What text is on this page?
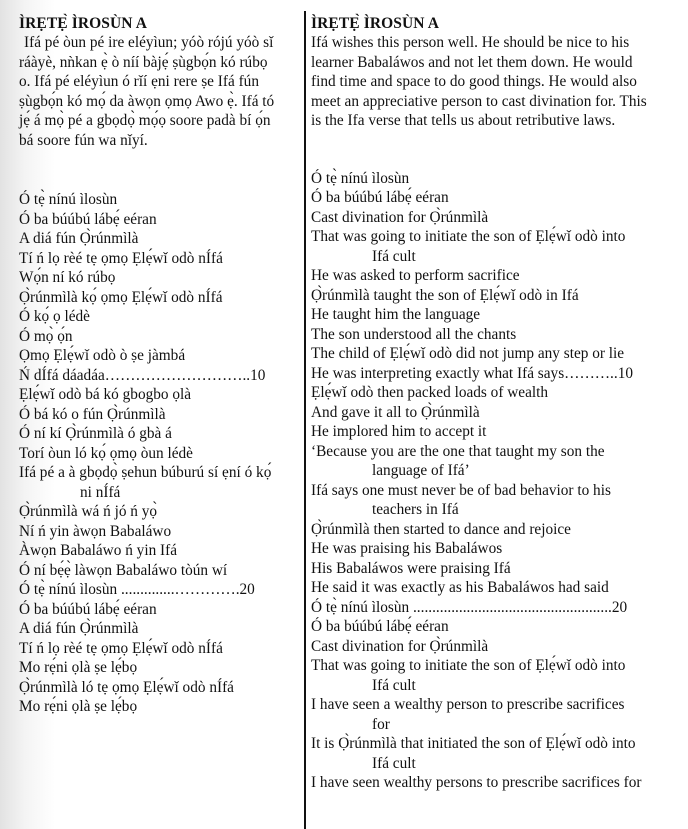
ÌRẸTẸ̀ ÌROSÙN A
Ifá pé òun pé ire eléyìun; yóò rójú yóò sǐ
ráàyè, nǹkan ẹ̀ ò níí bàjẹ́ ṣùgbọ́n kó rúbọ
o. Ifá pé eléyìun ó rǐí ẹni rere ṣe Ifá fún
ṣùgbọ́n kó mọ́ da àwọn ọmọ Awo ẹ̀. Ifá tó
jẹ́ á mọ̀ pé a gbọdọ̀ mọ́ọ soore padà bí ọ́n
bá soore fún wa nǐyí.
Ó tẹ̀ nínú ìlosùn
Ó ba búúbú lábẹ́ eéran
A diá fún Ọ̀rúnmìlà
Tí ń lọ rèé tẹ ọmọ Ẹlẹ́wǐ odò nÍfá
Wọ́n ní kó rúbọ
Ọ̀rúnmìlà kọ́ ọmọ Ẹlẹ́wǐ odò nÍfá
Ó kọ́ ọ lédè
Ó mọ̀ ọ́n
Ọmọ Ẹlẹ́wǐ odò ò ṣe jàmbá
Ń dÍfá dáadáa………………………..10
Ẹlẹ́wǐ odò bá kó gbogbo ọlà
Ó bá kó o fún Ọ̀rúnmìlà
Ó ní kí Ọ̀rúnmìlà ó gbà á
Torí òun ló kọ́ ọmọ òun lédè
Ifá pé a à gbọdọ̀ ṣehun búburú sí ẹní ó kọ́
ni nÍfá
Ọ̀rúnmìlà wá ń jó ń yọ̀
Ní ń yin àwọn Babaláwo
Àwọn Babaláwo ń yin Ifá
Ó ní bẹ́ẹ̀ làwọn Babaláwo tòún wí
Ó tẹ̀ nínú ìlosùn ..............………….20
Ó ba búúbú lábẹ́ eéran
A diá fún Ọ̀rúnmìlà
Tí ń lọ rèé tẹ ọmọ Ẹlẹ́wǐ odò nÍfá
Mo rẹ́ni ọlà ṣe lẹ́bọ
Ọ̀rúnmìlà ló tẹ ọmọ Ẹlẹ́wǐ odò nÍfá
Mo rẹ́ni ọlà ṣe lẹ́bọ
ÌRẸTẸ̀ ÌROSÙN A
Ifá wishes this person well. He should be nice to his
learner Babaláwos and not let them down. He would
find time and space to do good things. He would also
meet an appreciative person to cast divination for. This
is the Ifa verse that tells us about retributive laws.
Ó tẹ̀ nínú ìlosùn
Ó ba búúbú lábẹ́ eéran
Cast divination for Ọ̀rúnmìlà
That was going to initiate the son of Ẹlẹ́wǐ odò into
Ifá cult
He was asked to perform sacrifice
Ọ̀rúnmìlà taught the son of Ẹlẹ́wǐ odò in Ifá
He taught him the language
The son understood all the chants
The child of Ẹlẹ́wǐ odò did not jump any step or lie
He was interpreting exactly what Ifá says………..10
Ẹlẹ́wǐ odò then packed loads of wealth
And gave it all to Ọ̀rúnmìlà
He implored him to accept it
‘Because you are the one that taught my son the
language of Ifá’
Ifá says one must never be of bad behavior to his
teachers in Ifá
Ọ̀rúnmìlà then started to dance and rejoice
He was praising his Babaláwos
His Babaláwos were praising Ifá
He said it was exactly as his Babaláwos had said
Ó tẹ̀ nínú ìlosùn ....................................................20
Ó ba búúbú lábẹ́ eéran
Cast divination for Ọ̀rúnmìlà
That was going to initiate the son of Ẹlẹ́wǐ odò into
Ifá cult
I have seen a wealthy person to prescribe sacrifices
for
It is Ọ̀rúnmìlà that initiated the son of Ẹlẹ́wǐ odò into
Ifá cult
I have seen wealthy persons to prescribe sacrifices for
